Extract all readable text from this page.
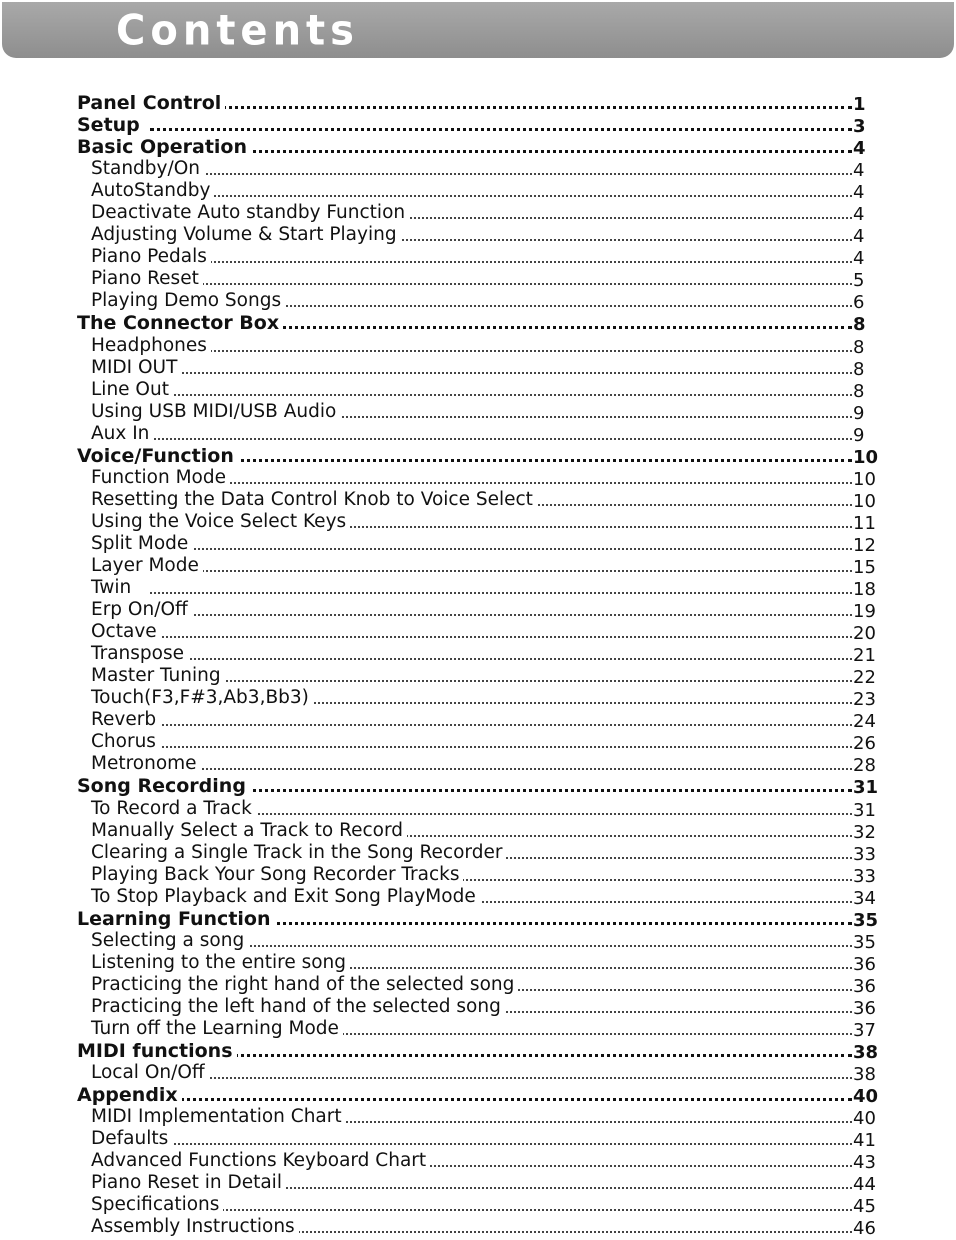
Contents
Panel Control	1
Setup	3
Basic Operation	4
Standby/On	4
AutoStandby	4
Deactivate Auto standby Function	4
Adjusting Volume & Start Playing	4
Piano Pedals	4
Piano Reset	5
Playing Demo Songs	6
The Connector Box	8
Headphones	8
MIDI OUT	8
Line Out	8
Using USB MIDI/USB Audio	9
Aux In	9
Voice/Function	10
Function Mode	10
Resetting the Data Control Knob to Voice Select	10
Using the Voice Select Keys	11
Split Mode	12
Layer Mode	15
Twin	18
Erp On/Off	19
Octave	20
Transpose	21
Master Tuning	22
Touch(F3,F#3,Ab3,Bb3)	23
Reverb	24
Chorus	26
Metronome	28
Song Recording	31
To Record a Track	31
Manually Select a Track to Record	32
Clearing a Single Track in the Song Recorder	33
Playing Back Your Song Recorder Tracks	33
To Stop Playback and Exit Song PlayMode	34
Learning Function	35
Selecting a song	35
Listening to the entire song	36
Practicing the right hand of the selected song	36
Practicing the left hand of the selected song	36
Turn off the Learning Mode	37
MIDI functions	38
Local On/Off	38
Appendix	40
MIDI Implementation Chart	40
Defaults	41
Advanced Functions Keyboard Chart	43
Piano Reset in Detail	44
Specifications	45
Assembly Instructions	46
